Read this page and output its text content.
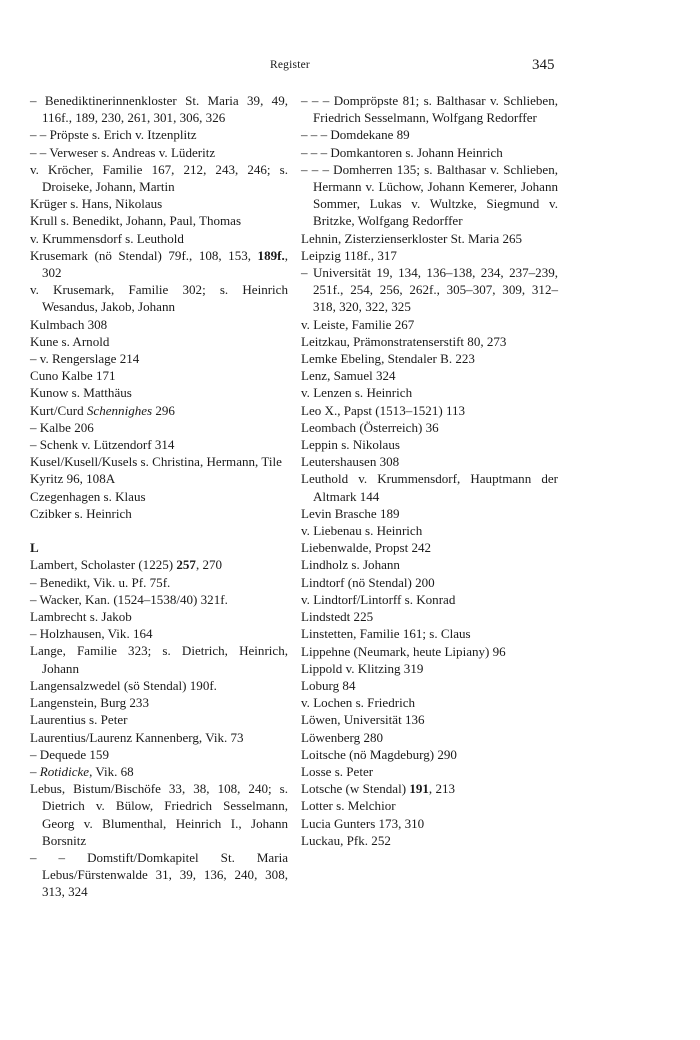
Register	345
– Benediktinerinnenkloster St. Maria 39, 49, 116f., 189, 230, 261, 301, 306, 326
– – Pröpste s. Erich v. Itzenplitz
– – Verweser s. Andreas v. Lüderitz
v. Kröcher, Familie 167, 212, 243, 246; s. Droiseke, Johann, Martin
Krüger s. Hans, Nikolaus
Krull s. Benedikt, Johann, Paul, Thomas
v. Krummensdorf s. Leuthold
Krusemark (nö Stendal) 79f., 108, 153, 189f., 302
v. Krusemark, Familie 302; s. Heinrich Wesandus, Jakob, Johann
Kulmbach 308
Kune s. Arnold
– v. Rengerslage 214
Cuno Kalbe 171
Kunow s. Matthäus
Kurt/Curd Schennighes 296
– Kalbe 206
– Schenk v. Lützendorf 314
Kusel/Kusell/Kusels s. Christina, Hermann, Tile
Kyritz 96, 108A
Czegenhagen s. Klaus
Czibker s. Heinrich
L
Lambert, Scholaster (1225) 257, 270
– Benedikt, Vik. u. Pf. 75f.
– Wacker, Kan. (1524–1538/40) 321f.
Lambrecht s. Jakob
– Holzhausen, Vik. 164
Lange, Familie 323; s. Dietrich, Heinrich, Johann
Langensalzwedel (sö Stendal) 190f.
Langenstein, Burg 233
Laurentius s. Peter
Laurentius/Laurenz Kannenberg, Vik. 73
– Dequede 159
– Rotidicke, Vik. 68
Lebus, Bistum/Bischöfe 33, 38, 108, 240; s. Dietrich v. Bülow, Friedrich Sesselmann, Georg v. Blumenthal, Heinrich I., Johann Borsnitz
– – Domstift/Domkapitel St. Maria Lebus/Fürstenwalde 31, 39, 136, 240, 308, 313, 324
– – – Dompröpste 81; s. Balthasar v. Schlieben, Friedrich Sesselmann, Wolfgang Redorffer
– – – Domdekane 89
– – – Domkantoren s. Johann Heinrich
– – – Domherren 135; s. Balthasar v. Schlieben, Hermann v. Lüchow, Johann Kemerer, Johann Sommer, Lukas v. Wultzke, Siegmund v. Britzke, Wolfgang Redorffer
Lehnin, Zisterzienserkloster St. Maria 265
Leipzig 118f., 317
– Universität 19, 134, 136–138, 234, 237–239, 251f., 254, 256, 262f., 305–307, 309, 312–318, 320, 322, 325
v. Leiste, Familie 267
Leitzkau, Prämonstratenserstift 80, 273
Lemke Ebeling, Stendaler B. 223
Lenz, Samuel 324
v. Lenzen s. Heinrich
Leo X., Papst (1513–1521) 113
Leombach (Österreich) 36
Leppin s. Nikolaus
Leutershausen 308
Leuthold v. Krummensdorf, Hauptmann der Altmark 144
Levin Brasche 189
v. Liebenau s. Heinrich
Liebenwalde, Propst 242
Lindholz s. Johann
Lindtorf (nö Stendal) 200
v. Lindtorf/Lintorff s. Konrad
Lindstedt 225
Linstetten, Familie 161; s. Claus
Lippehne (Neumark, heute Lipiany) 96
Lippold v. Klitzing 319
Loburg 84
v. Lochen s. Friedrich
Löwen, Universität 136
Löwenberg 280
Loitsche (nö Magdeburg) 290
Losse s. Peter
Lotsche (w Stendal) 191, 213
Lotter s. Melchior
Lucia Gunters 173, 310
Luckau, Pfk. 252
